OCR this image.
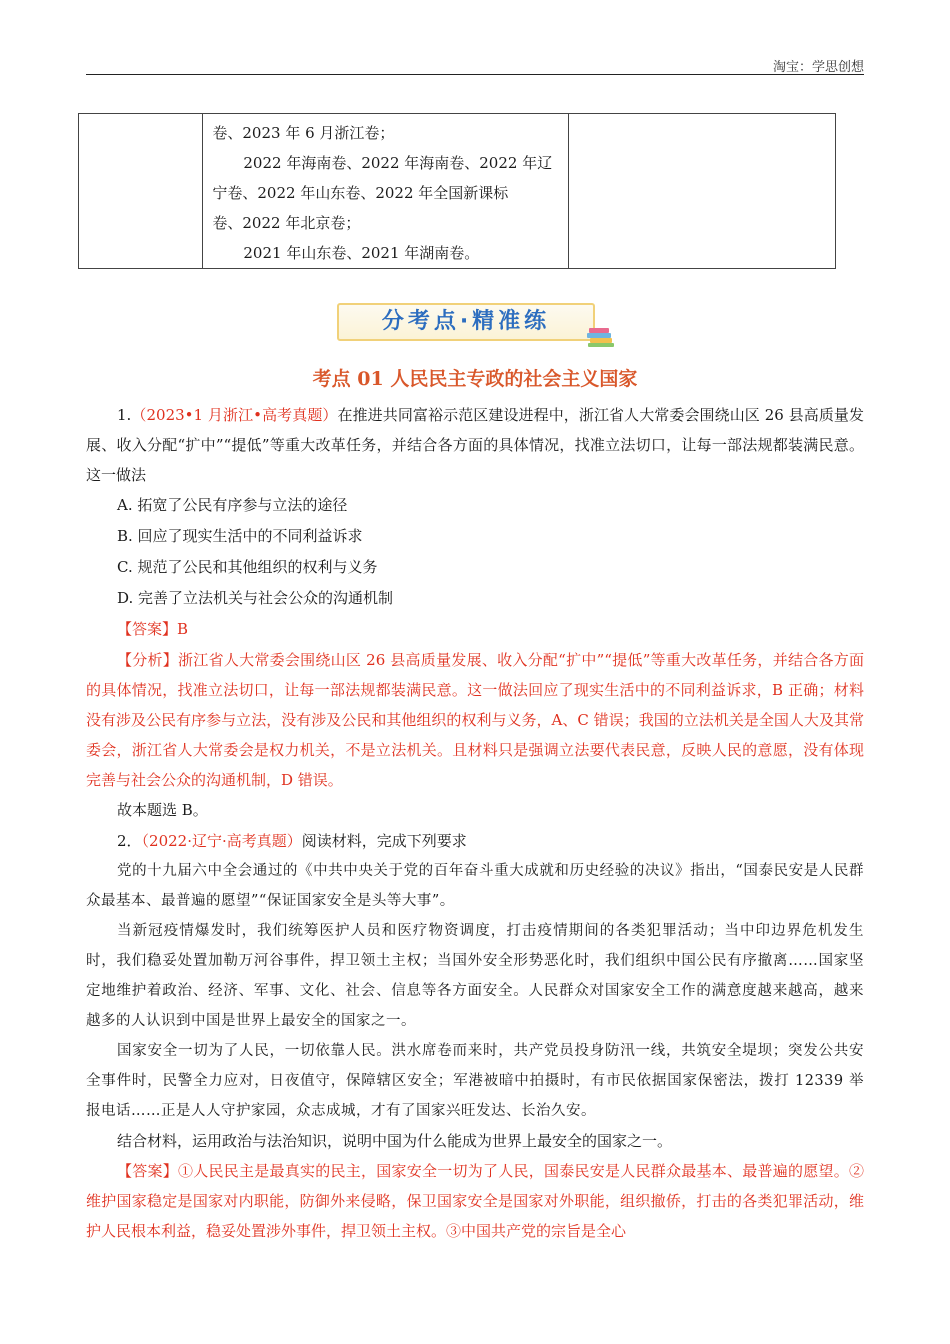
淘宝：学思创想

卷、2023 年 6 月浙江卷；
2022 年海南卷、2022 年海南卷、2022 年辽
宁卷、2022 年山东卷、2022 年全国新课标
卷、2022 年北京卷；
2021 年山东卷、2021 年湖南卷。

分考点·精准练
考点 01 人民民主专政的社会主义国家

1.（2023•1 月浙江•高考真题）在推进共同富裕示范区建设进程中，浙江省人大常委会围绕山区 26 县高质量发展、收入分配“扩中”“提低”等重大改革任务，并结合各方面的具体情况，找准立法切口，让每一部法规都装满民意。这一做法

A. 拓宽了公民有序参与立法的途径

B. 回应了现实生活中的不同利益诉求

C. 规范了公民和其他组织的权利与义务

D. 完善了立法机关与社会公众的沟通机制

【答案】B

【分析】浙江省人大常委会围绕山区 26 县高质量发展、收入分配“扩中”“提低”等重大改革任务，并结合各方面的具体情况，找准立法切口，让每一部法规都装满民意。这一做法回应了现实生活中的不同利益诉求，B 正确；材料没有涉及公民有序参与立法，没有涉及公民和其他组织的权利与义务，A、C 错误；我国的立法机关是全国人大及其常委会，浙江省人大常委会是权力机关，不是立法机关。且材料只是强调立法要代表民意，反映人民的意愿，没有体现完善与社会公众的沟通机制，D 错误。

故本题选 B。

2．（2022·辽宁·高考真题）阅读材料，完成下列要求

党的十九届六中全会通过的《中共中央关于党的百年奋斗重大成就和历史经验的决议》指出，“国泰民安是人民群众最基本、最普遍的愿望”“保证国家安全是头等大事”。

当新冠疫情爆发时，我们统筹医护人员和医疗物资调度，打击疫情期间的各类犯罪活动；当中印边界危机发生时，我们稳妥处置加勒万河谷事件，捍卫领土主权；当国外安全形势恶化时，我们组织中国公民有序撤离……国家坚定地维护着政治、经济、军事、文化、社会、信息等各方面安全。人民群众对国家安全工作的满意度越来越高，越来越多的人认识到中国是世界上最安全的国家之一。

国家安全一切为了人民，一切依靠人民。洪水席卷而来时，共产党员投身防汛一线，共筑安全堤坝；突发公共安全事件时，民警全力应对，日夜值守，保障辖区安全；军港被暗中拍摄时，有市民依据国家保密法，拨打 12339 举报电话……正是人人守护家园，众志成城，才有了国家兴旺发达、长治久安。

结合材料，运用政治与法治知识，说明中国为什么能成为世界上最安全的国家之一。

【答案】①人民民主是最真实的民主，国家安全一切为了人民，国泰民安是人民群众最基本、最普遍的愿望。②维护国家稳定是国家对内职能，防御外来侵略，保卫国家安全是国家对外职能，组织撤侨，打击的各类犯罪活动，维护人民根本利益，稳妥处置涉外事件，捍卫领土主权。③中国共产党的宗旨是全心
